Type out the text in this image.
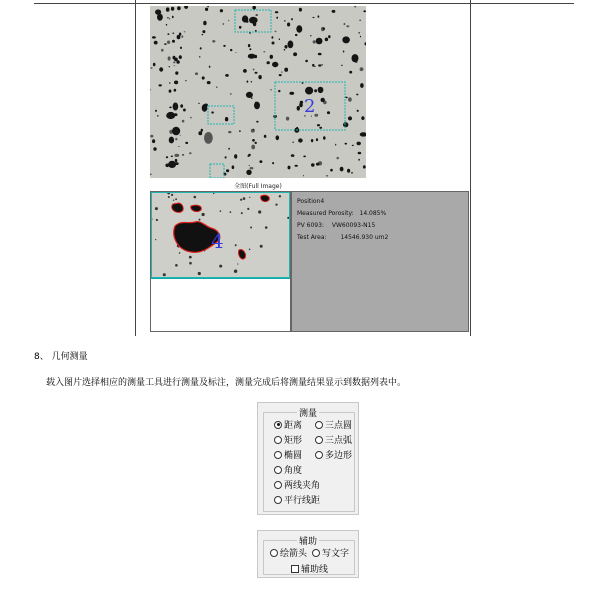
2
全图(Full Image)
4
Position4
Measured Porosity: 14.085%
PV 6093: VW60093-N15
Test Area: 14546.930 um2
8、 几何测量
载入图片选择相应的测量工具进行测量及标注，测量完成后将测量结果显示到数据列表中。
测量
距离	三点圆
矩形	三点弧
椭圆	多边形
角度
两线夹角
平行线距
辅助
绘箭头 写文字
辅助线
